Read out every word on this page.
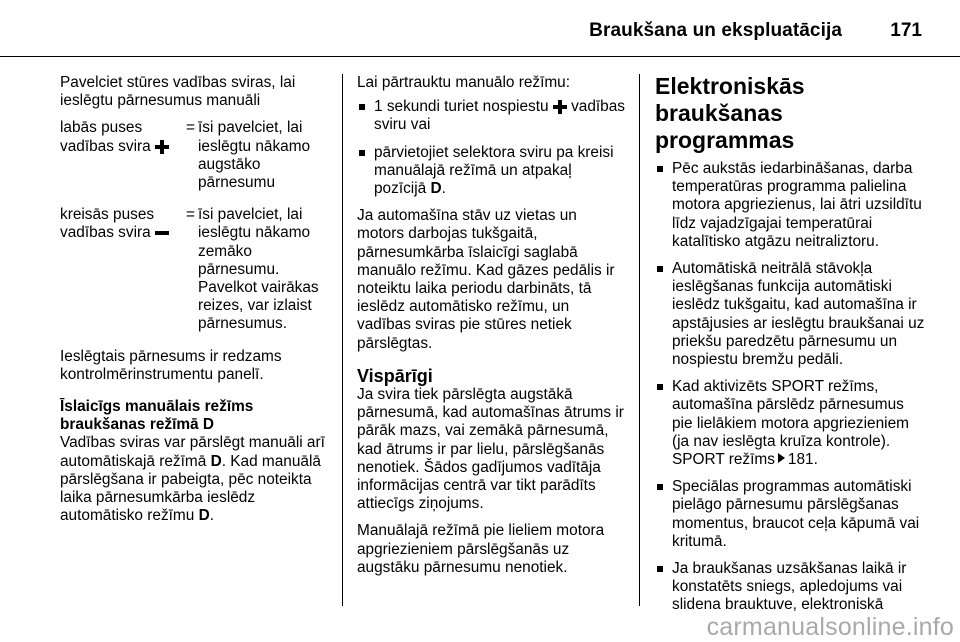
Braukšana un ekspluatācija	171

Pavelciet stūres vadības sviras, lai ieslēgtu pārnesumus manuāli

labās puses vadības svira	=	īsi pavelciet, lai ieslēgtu nākamo augstāko pārnesumu
kreisās puses vadības svira	=	īsi pavelciet, lai ieslēgtu nākamo zemāko pārnesumu. Pavelkot vairākas reizes, var izlaist pārnesumus.

Ieslēgtais pārnesums ir redzams kontrolmērinstrumentu panelī.

Īslaicīgs manuālais režīms braukšanas režīmā D

Vadības sviras var pārslēgt manuāli arī automātiskajā režīmā D. Kad manuālā pārslēgšana ir pabeigta, pēc noteikta laika pārnesumkārba ieslēdz automātisko režīmu D.

Lai pārtrauktu manuālo režīmu:

1 sekundi turiet nospiestu  vadības sviru vai
pārvietojiet selektora sviru pa kreisi manuālajā režīmā un atpakaļ pozīcijā D.

Ja automašīna stāv uz vietas un motors darbojas tukšgaitā, pārnesumkārba īslaicīgi saglabā manuālo režīmu. Kad gāzes pedālis ir noteiktu laika periodu darbināts, tā ieslēdz automātisko režīmu, un vadības sviras pie stūres netiek pārslēgtas.

Vispārīgi

Ja svira tiek pārslēgta augstākā pārnesumā, kad automašīnas ātrums ir pārāk mazs, vai zemākā pārnesumā, kad ātrums ir par lielu, pārslēgšanās nenotiek. Šādos gadījumos vadītāja informācijas centrā var tikt parādīts attiecīgs ziņojums.

Manuālajā režīmā pie lieliem motora apgriezieniem pārslēgšanās uz augstāku pārnesumu nenotiek.

Elektroniskās braukšanas programmas
Pēc aukstās iedarbināšanas, darba temperatūras programma palielina motora apgriezienus, lai ātri uzsildītu līdz vajadzīgajai temperatūrai katalītisko atgāzu neitraliztoru.
Automātiskā neitrālā stāvokļa ieslēgšanas funkcija automātiski ieslēdz tukšgaitu, kad automašīna ir apstājusies ar ieslēgtu braukšanai uz priekšu paredzētu pārnesumu un nospiestu bremžu pedāli.
Kad aktivizēts SPORT režīms, automašīna pārslēdz pārnesumus pie lielākiem motora apgriezieniem (ja nav ieslēgta kruīza kontrole). SPORT režīms 181.
Speciālas programmas automātiski pielāgo pārnesumu pārslēgšanas momentus, braucot ceļa kāpumā vai kritumā.
Ja braukšanas uzsākšanas laikā ir konstatēts sniegs, apledojums vai slidena brauktuve, elektroniskā
carmanualsonline.info
